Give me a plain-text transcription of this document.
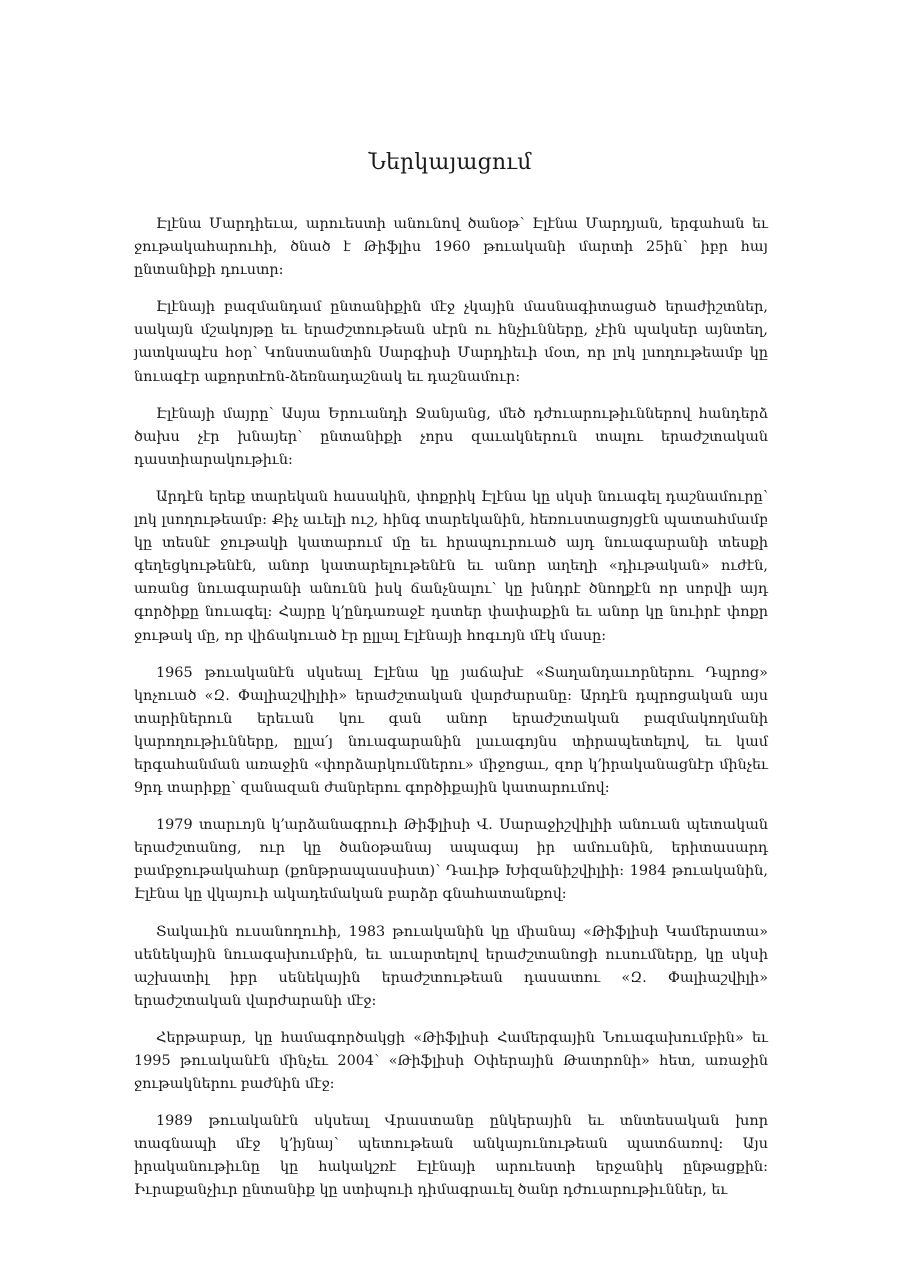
Ներկայացում

Էլէնա Մարդիեւա, արուեստի անունով ծանօթ՝ Էլէնա Մարդյան, երգահան եւ ջութակահարուհի, ծնած է Թիֆլիս 1960 թուականի մարտի 25ին՝ իբր հայ ընտանիքի դուստր։

Էլէնայի բազմանդամ ընտանիքին մէջ չկային մասնագիտացած երաժիշտներ, սակայն մշակոյթը եւ երաժշտութեան սէրն ու հնչիւնները, չէին պակսեր այնտեղ, յատկապէս հօր՝ Կոնստանտին Սարգիսի Մարդիեւի մօտ, որ լոկ լսողութեամբ կը նուագէր աքորտէոն-ձեռնադաշնակ եւ դաշնամուր։

Էլէնայի մայրը՝ Ասյա Երուանդի Ջանյանց, մեծ դժուարութիւններով հանդերձ ծախս չէր խնայեր՝ ընտանիքի չորս զաւակներուն տալու երաժշտական դաստիարակութիւն։

Արդէն երեք տարեկան հասակին, փոքրիկ Էլէնա կը սկսի նուագել դաշնամուրը՝ լոկ լսողութեամբ։ Քիչ աւելի ուշ, հինգ տարեկանին, հեռուստացոյցէն պատահմամբ կը տեսնէ ջութակի կատարում մը եւ հրապուրուած այդ նուագարանի տեսքի գեղեցկութենէն, անոր կատարելութենէն եւ անոր աղեղի «դիւթական» ուժէն, առանց նուագարանի անունն իսկ ճանչնալու՝ կը խնդրէ ծնողքէն որ սորվի այդ գործիքը նուագել։ Հայրը կ՚ընդառաջէ դստեր փափաքին եւ անոր կը նուիրէ փոքր ջութակ մը, որ վիճակուած էր ըլլալ Էլէնայի հոգւոյն մէկ մասը։

1965 թուականէն սկսեալ Էլէնա կը յաճախէ «Տաղանդաւորներու Դպրոց» կոչուած «Զ. Փալիաշվիլիի» երաժշտական վարժարանը։ Արդէն դպրոցական այս տարիներուն երեւան կու գան անոր երաժշտական բազմակողմանի կարողութիւնները, ըլլա՛յ նուագարանին լաւագոյնս տիրապետելով, եւ կամ երգահանման առաջին «փորձարկումներու» միջոցաւ, զոր կ՚իրականացնէր մինչեւ 9րդ տարիքը՝ զանազան ժանրերու գործիքային կատարումով։

1979 տարւոյն կ՚արձանագրուի Թիֆլիսի Վ. Սարաջիշվիլիի անուան պետական երաժշտանոց, ուր կը ծանօթանայ ապագայ իր ամուսնին, երիտասարդ բամբջութակահար (քոնթրապասսիստ)՝ Դաւիթ Խիզանիշվիլիի։ 1984 թուականին, Էլէնա կը վկայուի ակադեմական բարձր գնահատանքով։

Տակաւին ուսանողուհի, 1983 թուականին կը միանայ «Թիֆլիսի Կամերատա» սենեկային նուագախումբին, եւ աւարտելով երաժշտանոցի ուսումները, կը սկսի աշխատիլ իբր սենեկային երաժշտութեան դասատու «Զ. Փալիաշվիլի» երաժշտական վարժարանի մէջ։

Հերթաբար, կը համագործակցի «Թիֆլիսի Համերգային Նուագախումբին» եւ 1995 թուականէն մինչեւ 2004՝ «Թիֆլիսի Օփերային Թատրոնի» հետ, առաջին ջութակներու բաժնին մէջ։

1989 թուականէն սկսեալ Վրաստանը ընկերային եւ տնտեսական խոր տագնապի մէջ կ՚իյնայ՝ պետութեան անկայունութեան պատճառով։ Այս իրականութիւնը կը հակակշռէ Էլէնայի արուեստի երջանիկ ընթացքին։ Իւրաքանչիւր ընտանիք կը ստիպուի դիմագրաւել ծանր դժուարութիւններ, եւ
